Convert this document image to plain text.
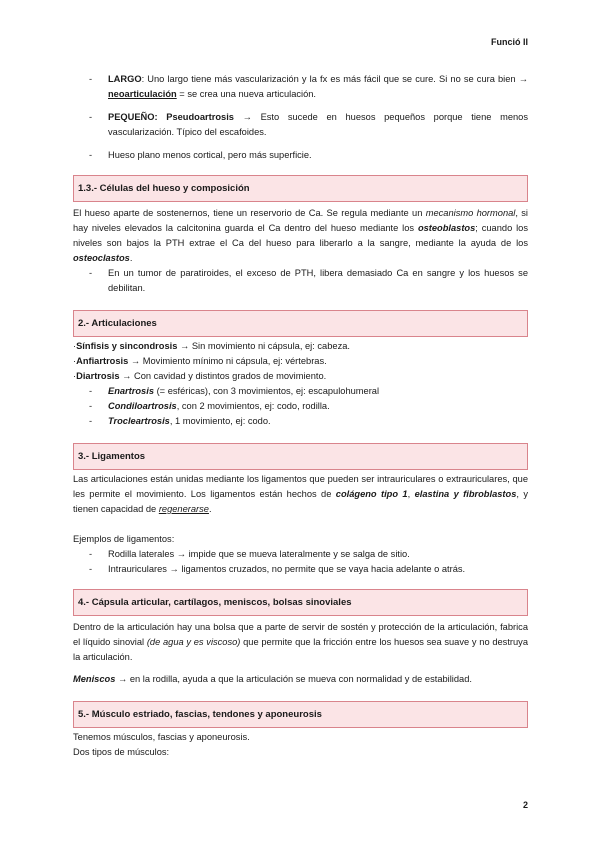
Funció II
- LARGO: Uno largo tiene más vascularización y la fx es más fácil que se cure. Si no se cura bien → neoarticulación = se crea una nueva articulación.
- PEQUEÑO: Pseudoartrosis → Esto sucede en huesos pequeños porque tiene menos vascularización. Típico del escafoides.
- Hueso plano menos cortical, pero más superficie.
1.3.- Células del hueso y composición

El hueso aparte de sostenernos, tiene un reservorio de Ca. Se regula mediante un mecanismo hormonal, si hay niveles elevados la calcitonina guarda el Ca dentro del hueso mediante los osteoblastos; cuando los niveles son bajos la PTH extrae el Ca del hueso para liberarlo a la sangre, mediante la ayuda de los osteoclastos.

- En un tumor de paratiroides, el exceso de PTH, libera demasiado Ca en sangre y los huesos se debilitan.
2.- Articulaciones
·Sínfisis y sincondrosis → Sin movimiento ni cápsula, ej: cabeza.
·Anfiartrosis → Movimiento mínimo ni cápsula, ej: vértebras.
·Diartrosis → Con cavidad y distintos grados de movimiento.
- Enartrosis (= esféricas), con 3 movimientos, ej: escapulohumeral
- Condiloartrosis, con 2 movimientos, ej: codo, rodilla.
- Trocleartrosis, 1 movimiento, ej: codo.
3.- Ligamentos

Las articulaciones están unidas mediante los ligamentos que pueden ser intrauriculares o extrauriculares, que les permite el movimiento. Los ligamentos están hechos de colágeno tipo 1, elastina y fibroblastos, y tienen capacidad de regenerarse.

Ejemplos de ligamentos:
- Rodilla laterales → impide que se mueva lateralmente y se salga de sitio.
- Intrauriculares → ligamentos cruzados, no permite que se vaya hacia adelante o atrás.
4.- Cápsula articular, cartílagos, meniscos, bolsas sinoviales

Dentro de la articulación hay una bolsa que a parte de servir de sostén y protección de la articulación, fabrica el líquido sinovial (de agua y es viscoso) que permite que la fricción entre los huesos sea suave y no destruya la articulación.

Meniscos → en la rodilla, ayuda a que la articulación se mueva con normalidad y de estabilidad.

5.- Músculo estriado, fascias, tendones y aponeurosis
Tenemos músculos, fascias y aponeurosis.
Dos tipos de músculos:
2
